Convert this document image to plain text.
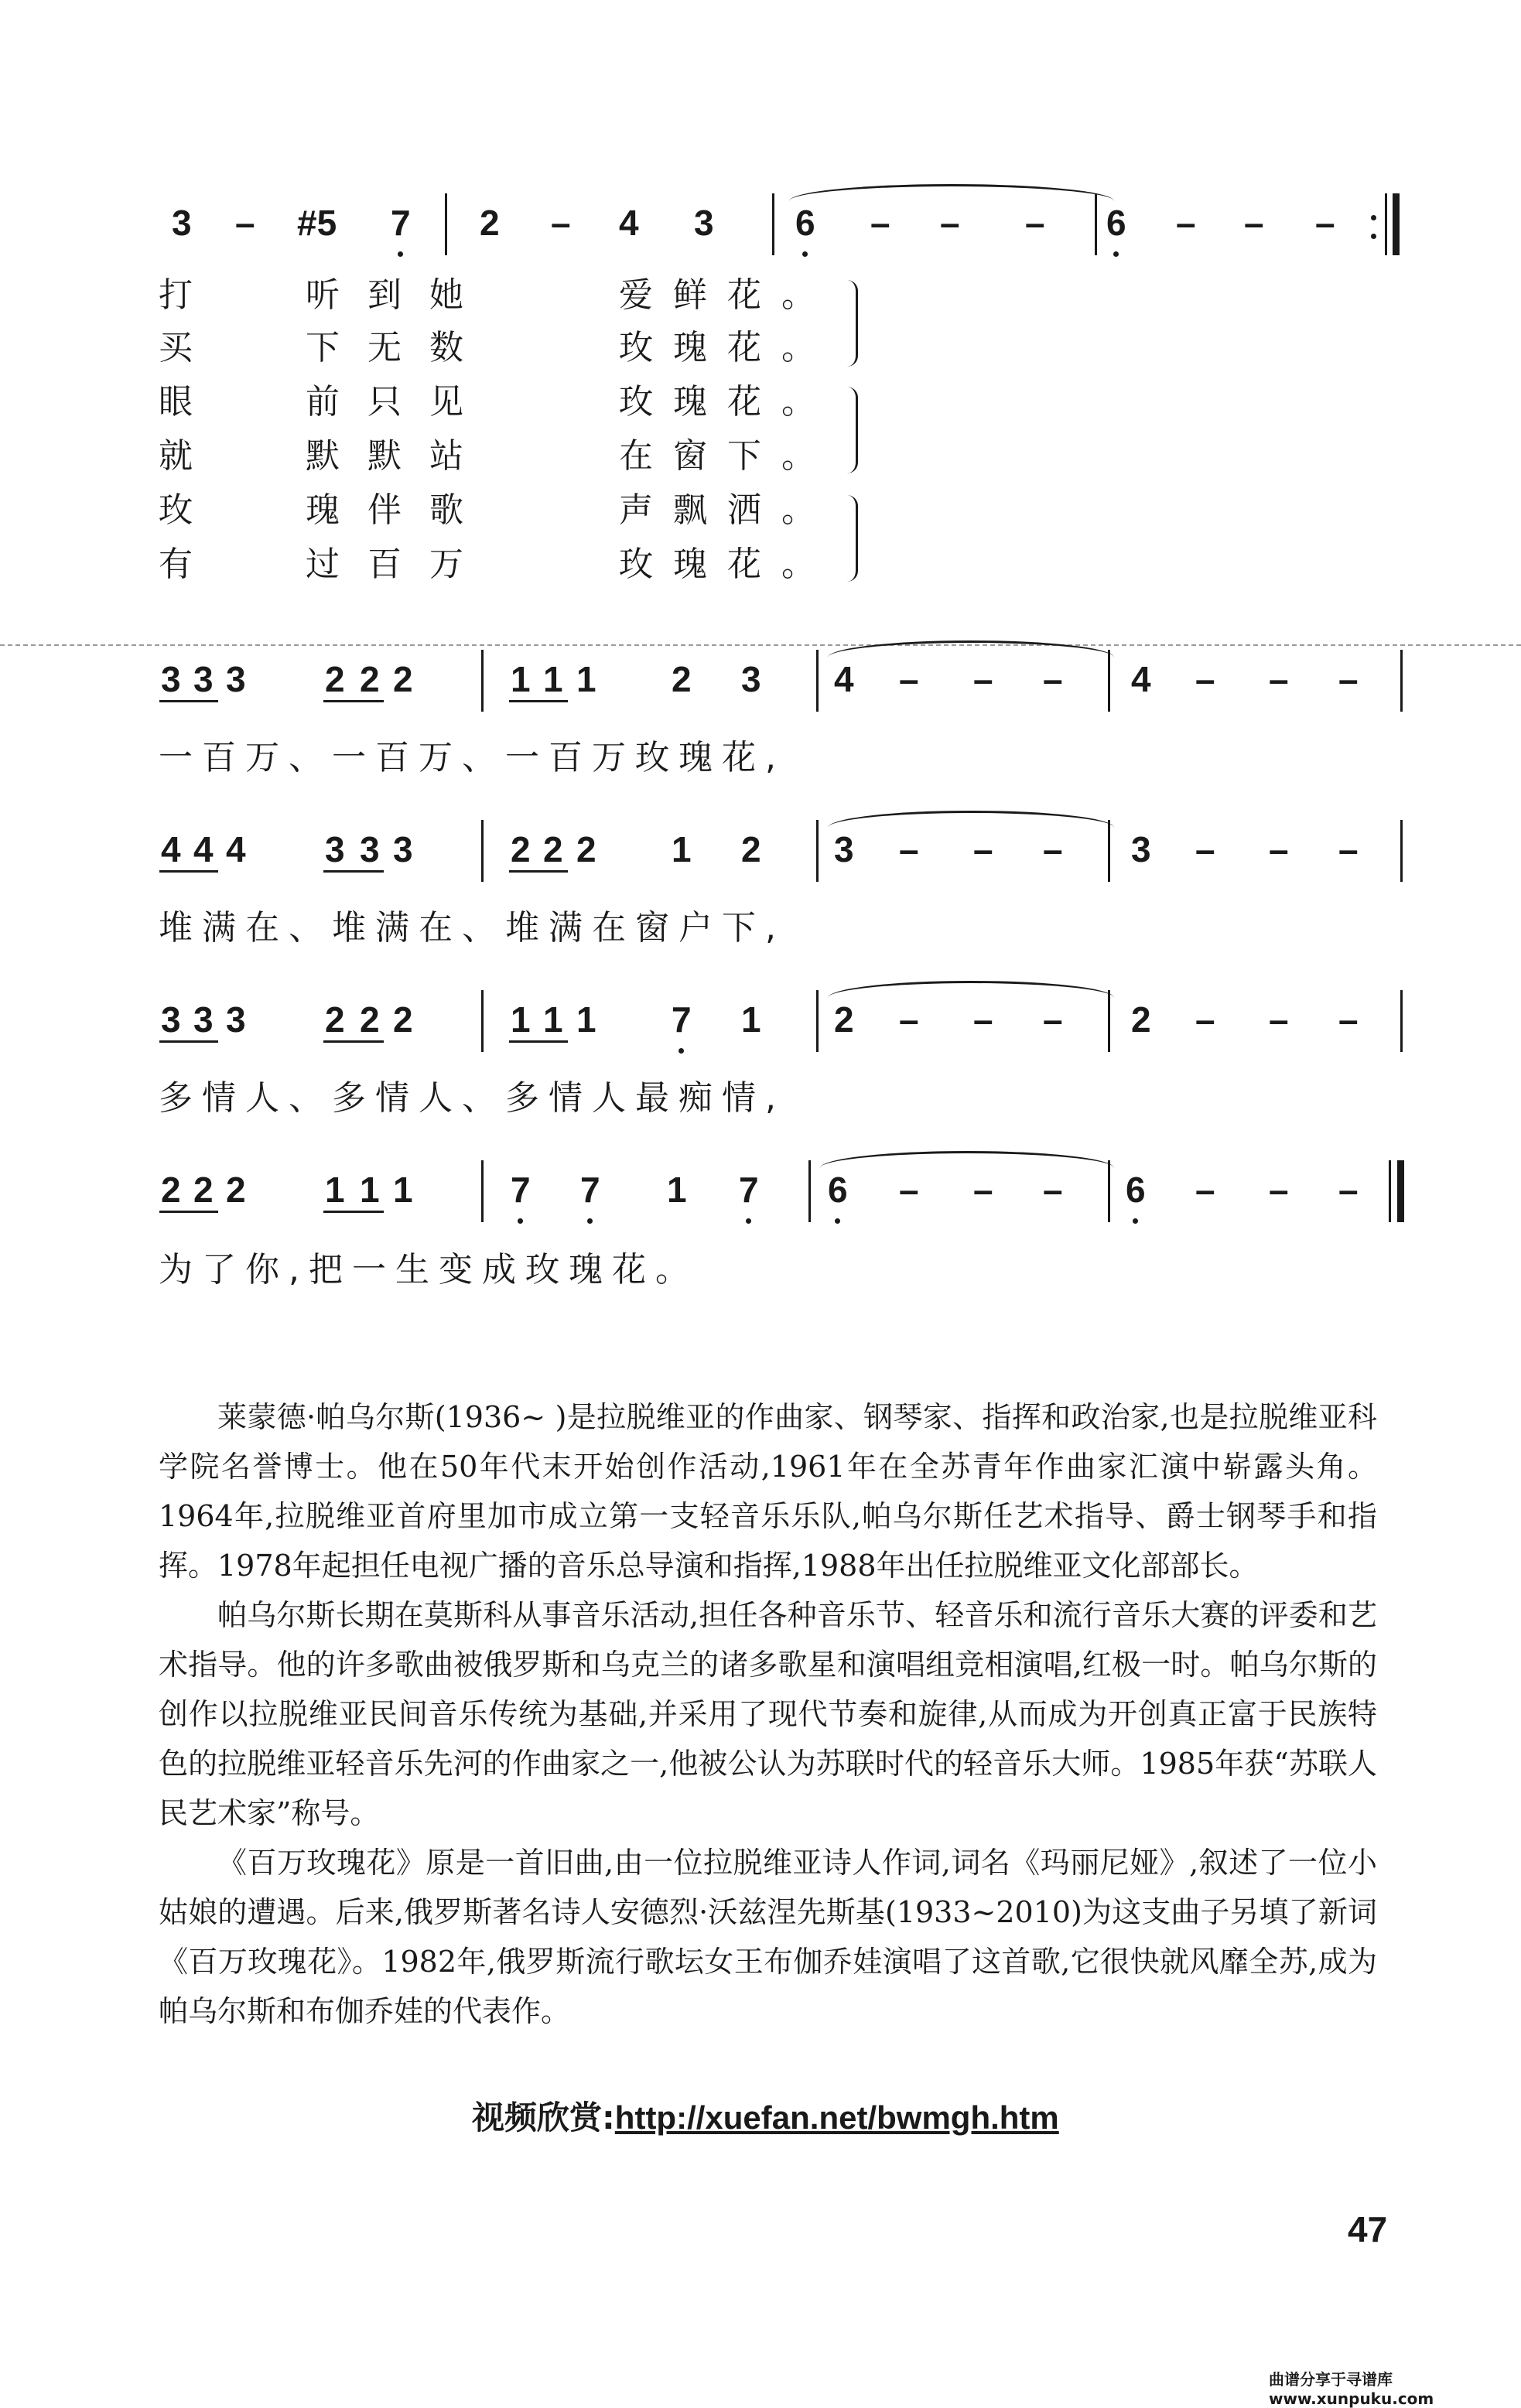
3 – #5 7 2 – 4 3 6 – – – 6 – – –
打	听到她	爱鲜花。
买	下无数	玫瑰花。
眼	前只见	玫瑰花。
就	默默站	在窗下。
玫	瑰伴歌	声飘洒。
有	过百万	玫瑰花。
3 3 3 2 2 2	1 1 1 2 3 4 – – – 4 – – –
一百万、一百万、一百万玫瑰花,
4 4 4 3 3 3	2 2 2 1 2 3 – – – 3 – – –
堆满在、堆满在、堆满在窗户下,
3 3 3 2 2 2	1 1 1 7 1 2 – – – 2 – – –
多情人、多情人、多情人最痴情,
2 2 2 1 1 1	7 7 1 7 6 – – – 6 – – –
为了你,把一生变成玫瑰花。

莱蒙德·帕乌尔斯(1936~ )是拉脱维亚的作曲家、钢琴家、指挥和政治家,也是拉脱维亚科学院名誉博士。他在50年代末开始创作活动,1961年在全苏青年作曲家汇演中崭露头角。1964年,拉脱维亚首府里加市成立第一支轻音乐乐队,帕乌尔斯任艺术指导、爵士钢琴手和指挥。1978年起担任电视广播的音乐总导演和指挥,1988年出任拉脱维亚文化部部长。

帕乌尔斯长期在莫斯科从事音乐活动,担任各种音乐节、轻音乐和流行音乐大赛的评委和艺术指导。他的许多歌曲被俄罗斯和乌克兰的诸多歌星和演唱组竞相演唱,红极一时。帕乌尔斯的创作以拉脱维亚民间音乐传统为基础,并采用了现代节奏和旋律,从而成为开创真正富于民族特色的拉脱维亚轻音乐先河的作曲家之一,他被公认为苏联时代的轻音乐大师。1985年获“苏联人民艺术家”称号。

《百万玫瑰花》原是一首旧曲,由一位拉脱维亚诗人作词,词名《玛丽尼娅》,叙述了一位小姑娘的遭遇。后来,俄罗斯著名诗人安德烈·沃兹涅先斯基(1933~2010)为这支曲子另填了新词《百万玫瑰花》。1982年,俄罗斯流行歌坛女王布伽乔娃演唱了这首歌,它很快就风靡全苏,成为帕乌尔斯和布伽乔娃的代表作。

视频欣赏:http://xuefan.net/bwmgh.htm
47
曲谱分享于寻谱库 www.xunpuku.com
